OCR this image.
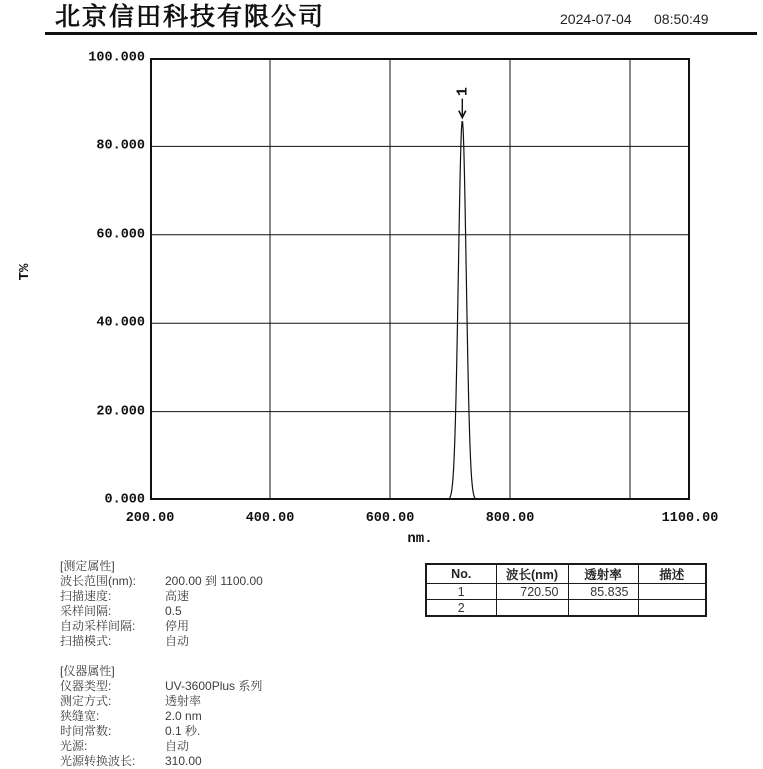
北京信田科技有限公司	2024-07-04 08:50:49
T%
1
0.000
20.000
40.000
60.000
80.000
100.000
200.00	400.00	600.00	800.00	1100.00
nm.
[测定属性]
波长范围(nm): 200.00 到 1100.00
扫描速度:	高速
采样间隔:	0.5
自动采样间隔: 停用
扫描模式:	自动
[仪器属性]
仪器类型:	UV-3600Plus 系列
测定方式:	透射率
狭缝宽:	2.0 nm
时间常数:	0.1 秒.
光源:	自动
光源转换波长: 310.00
No.	波长(nm)	透射率	描述
1	720.50	85.835	
2			
